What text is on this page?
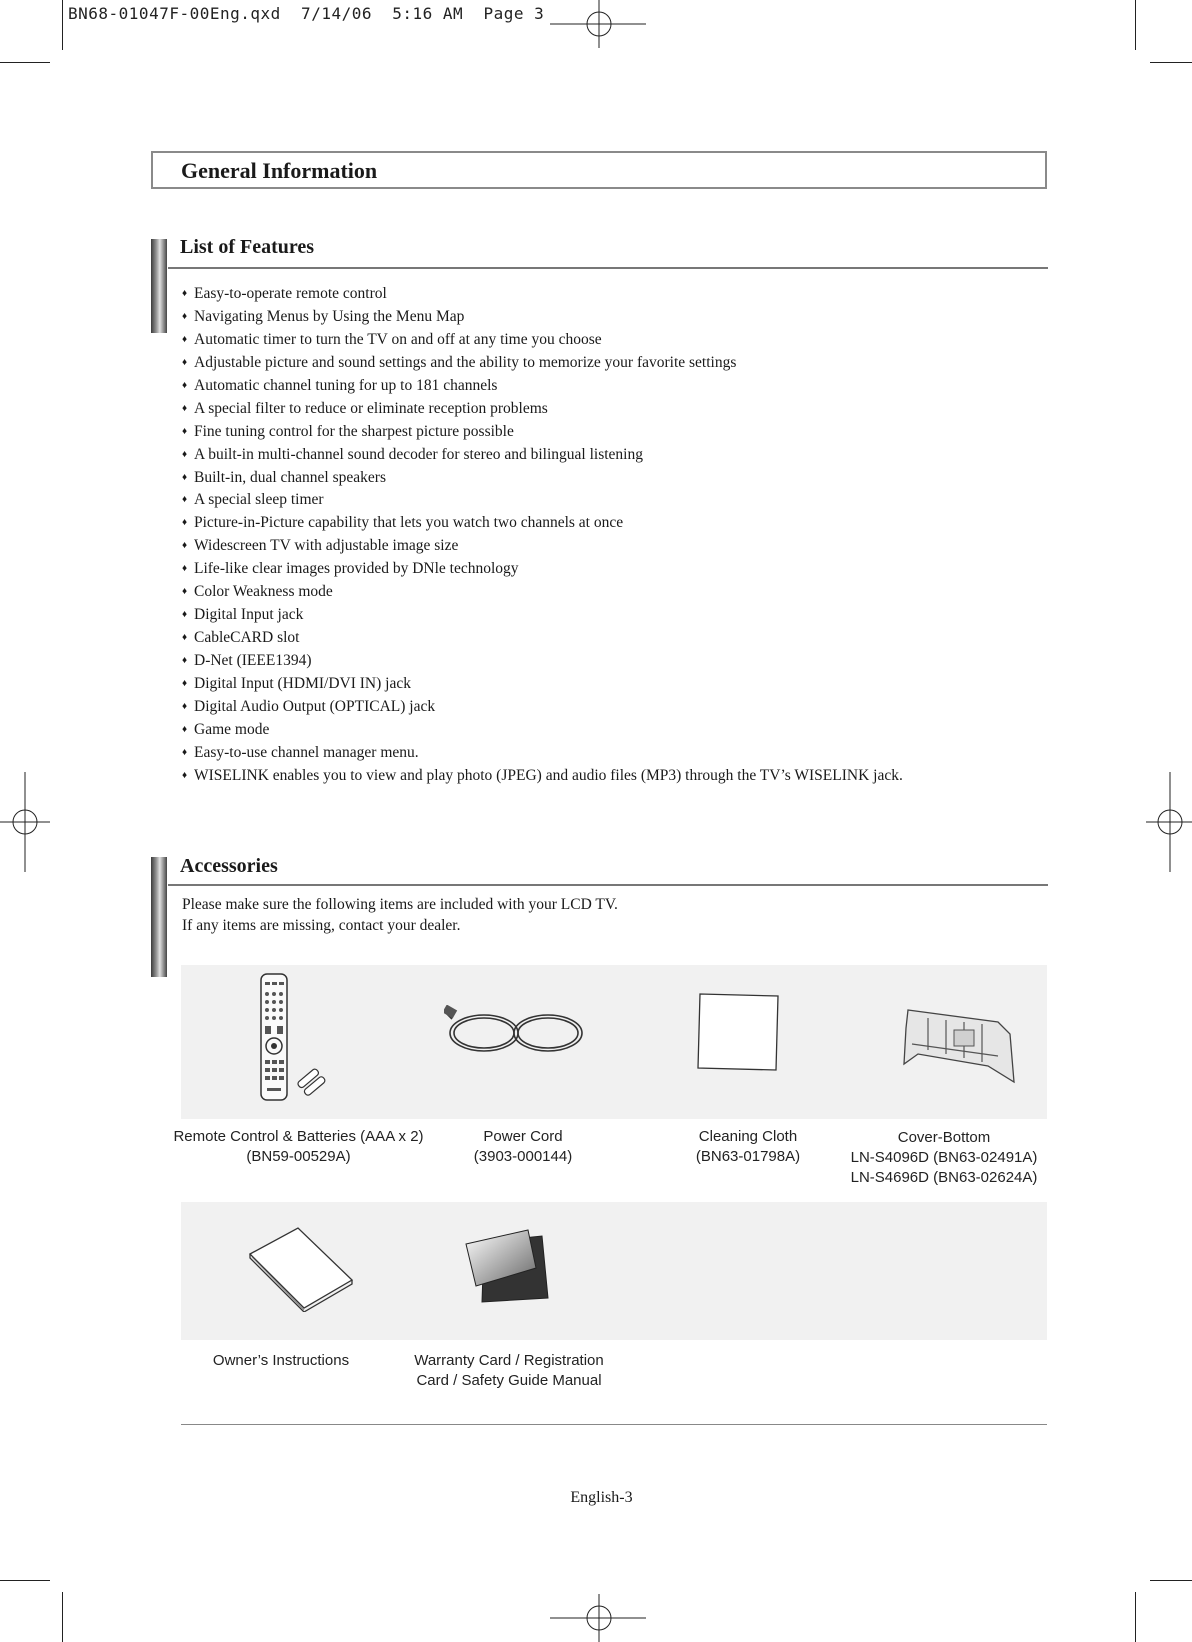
BN68-01047F-00Eng.qxd  7/14/06  5:16 AM  Page 3
General Information
List of Features
♦ Easy-to-operate remote control
♦ Navigating Menus by Using the Menu Map
♦ Automatic timer to turn the TV on and off at any time you choose
♦ Adjustable picture and sound settings and the ability to memorize your favorite settings
♦ Automatic channel tuning for up to 181 channels
♦ A special filter to reduce or eliminate reception problems
♦ Fine tuning control for the sharpest picture possible
♦ A built-in multi-channel sound decoder for stereo and bilingual listening
♦ Built-in, dual channel speakers
♦ A special sleep timer
♦ Picture-in-Picture capability that lets you watch two channels at once
♦ Widescreen TV with adjustable image size
♦ Life-like clear images provided by DNle technology
♦ Color Weakness mode
♦ Digital Input jack
♦ CableCARD slot
♦ D-Net (IEEE1394)
♦ Digital Input (HDMI/DVI IN) jack
♦ Digital Audio Output (OPTICAL) jack
♦ Game mode
♦ Easy-to-use channel manager menu.
♦ WISELINK enables you to view and play photo (JPEG) and audio files (MP3) through the TV’s WISELINK jack.
Accessories
Please make sure the following items are included with your LCD TV.
If any items are missing, contact your dealer.
Remote Control & Batteries (AAA x 2)
(BN59-00529A)
Power Cord
(3903-000144)
Cleaning Cloth
(BN63-01798A)
Cover-Bottom
LN-S4096D (BN63-02491A)
LN-S4696D (BN63-02624A)
Owner’s Instructions	Warranty Card / Registration
Card / Safety Guide Manual
English-3
